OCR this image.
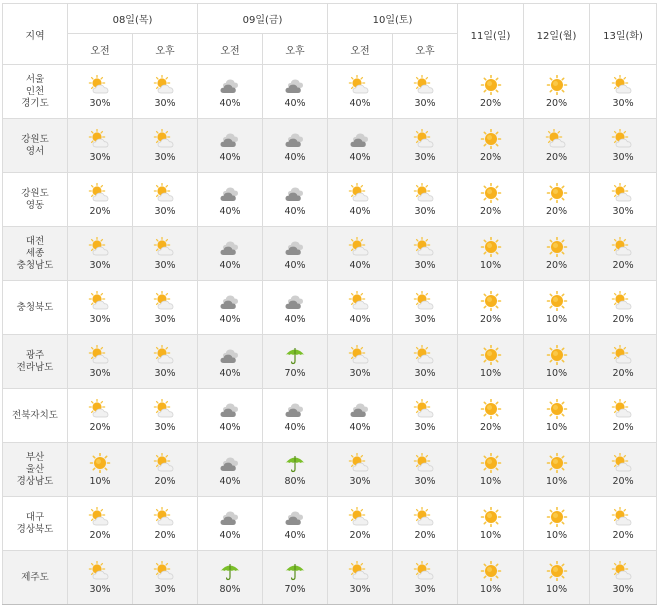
지역	08일(목)		09일(금)		10일(토)		11일(일)	12일(월)	13일(화)
	오전	오후	오전	오후	오전	오후			

서울
인천
경기도	30%	30%	40%	40%	40%	30%	20%	20%	30%

강원도
영서	30%	30%	40%	40%	40%	30%	20%	20%	30%

강원도
영동	20%	30%	40%	40%	40%	30%	20%	20%	30%

대전
세종
충청남도	30%	30%	40%	40%	40%	30%	10%	20%	20%

충청북도	30%	30%	40%	40%	40%	30%	20%	10%	20%

광주
전라남도	30%	30%	40%	70%	30%	30%	10%	10%	20%

전북자치도	20%	30%	40%	40%	40%	30%	20%	10%	20%

부산
울산
경상남도	10%	20%	40%	80%	30%	30%	10%	10%	20%

대구
경상북도	20%	20%	40%	40%	20%	20%	10%	10%	20%

제주도	30%	30%	80%	70%	30%	30%	10%	10%	30%
